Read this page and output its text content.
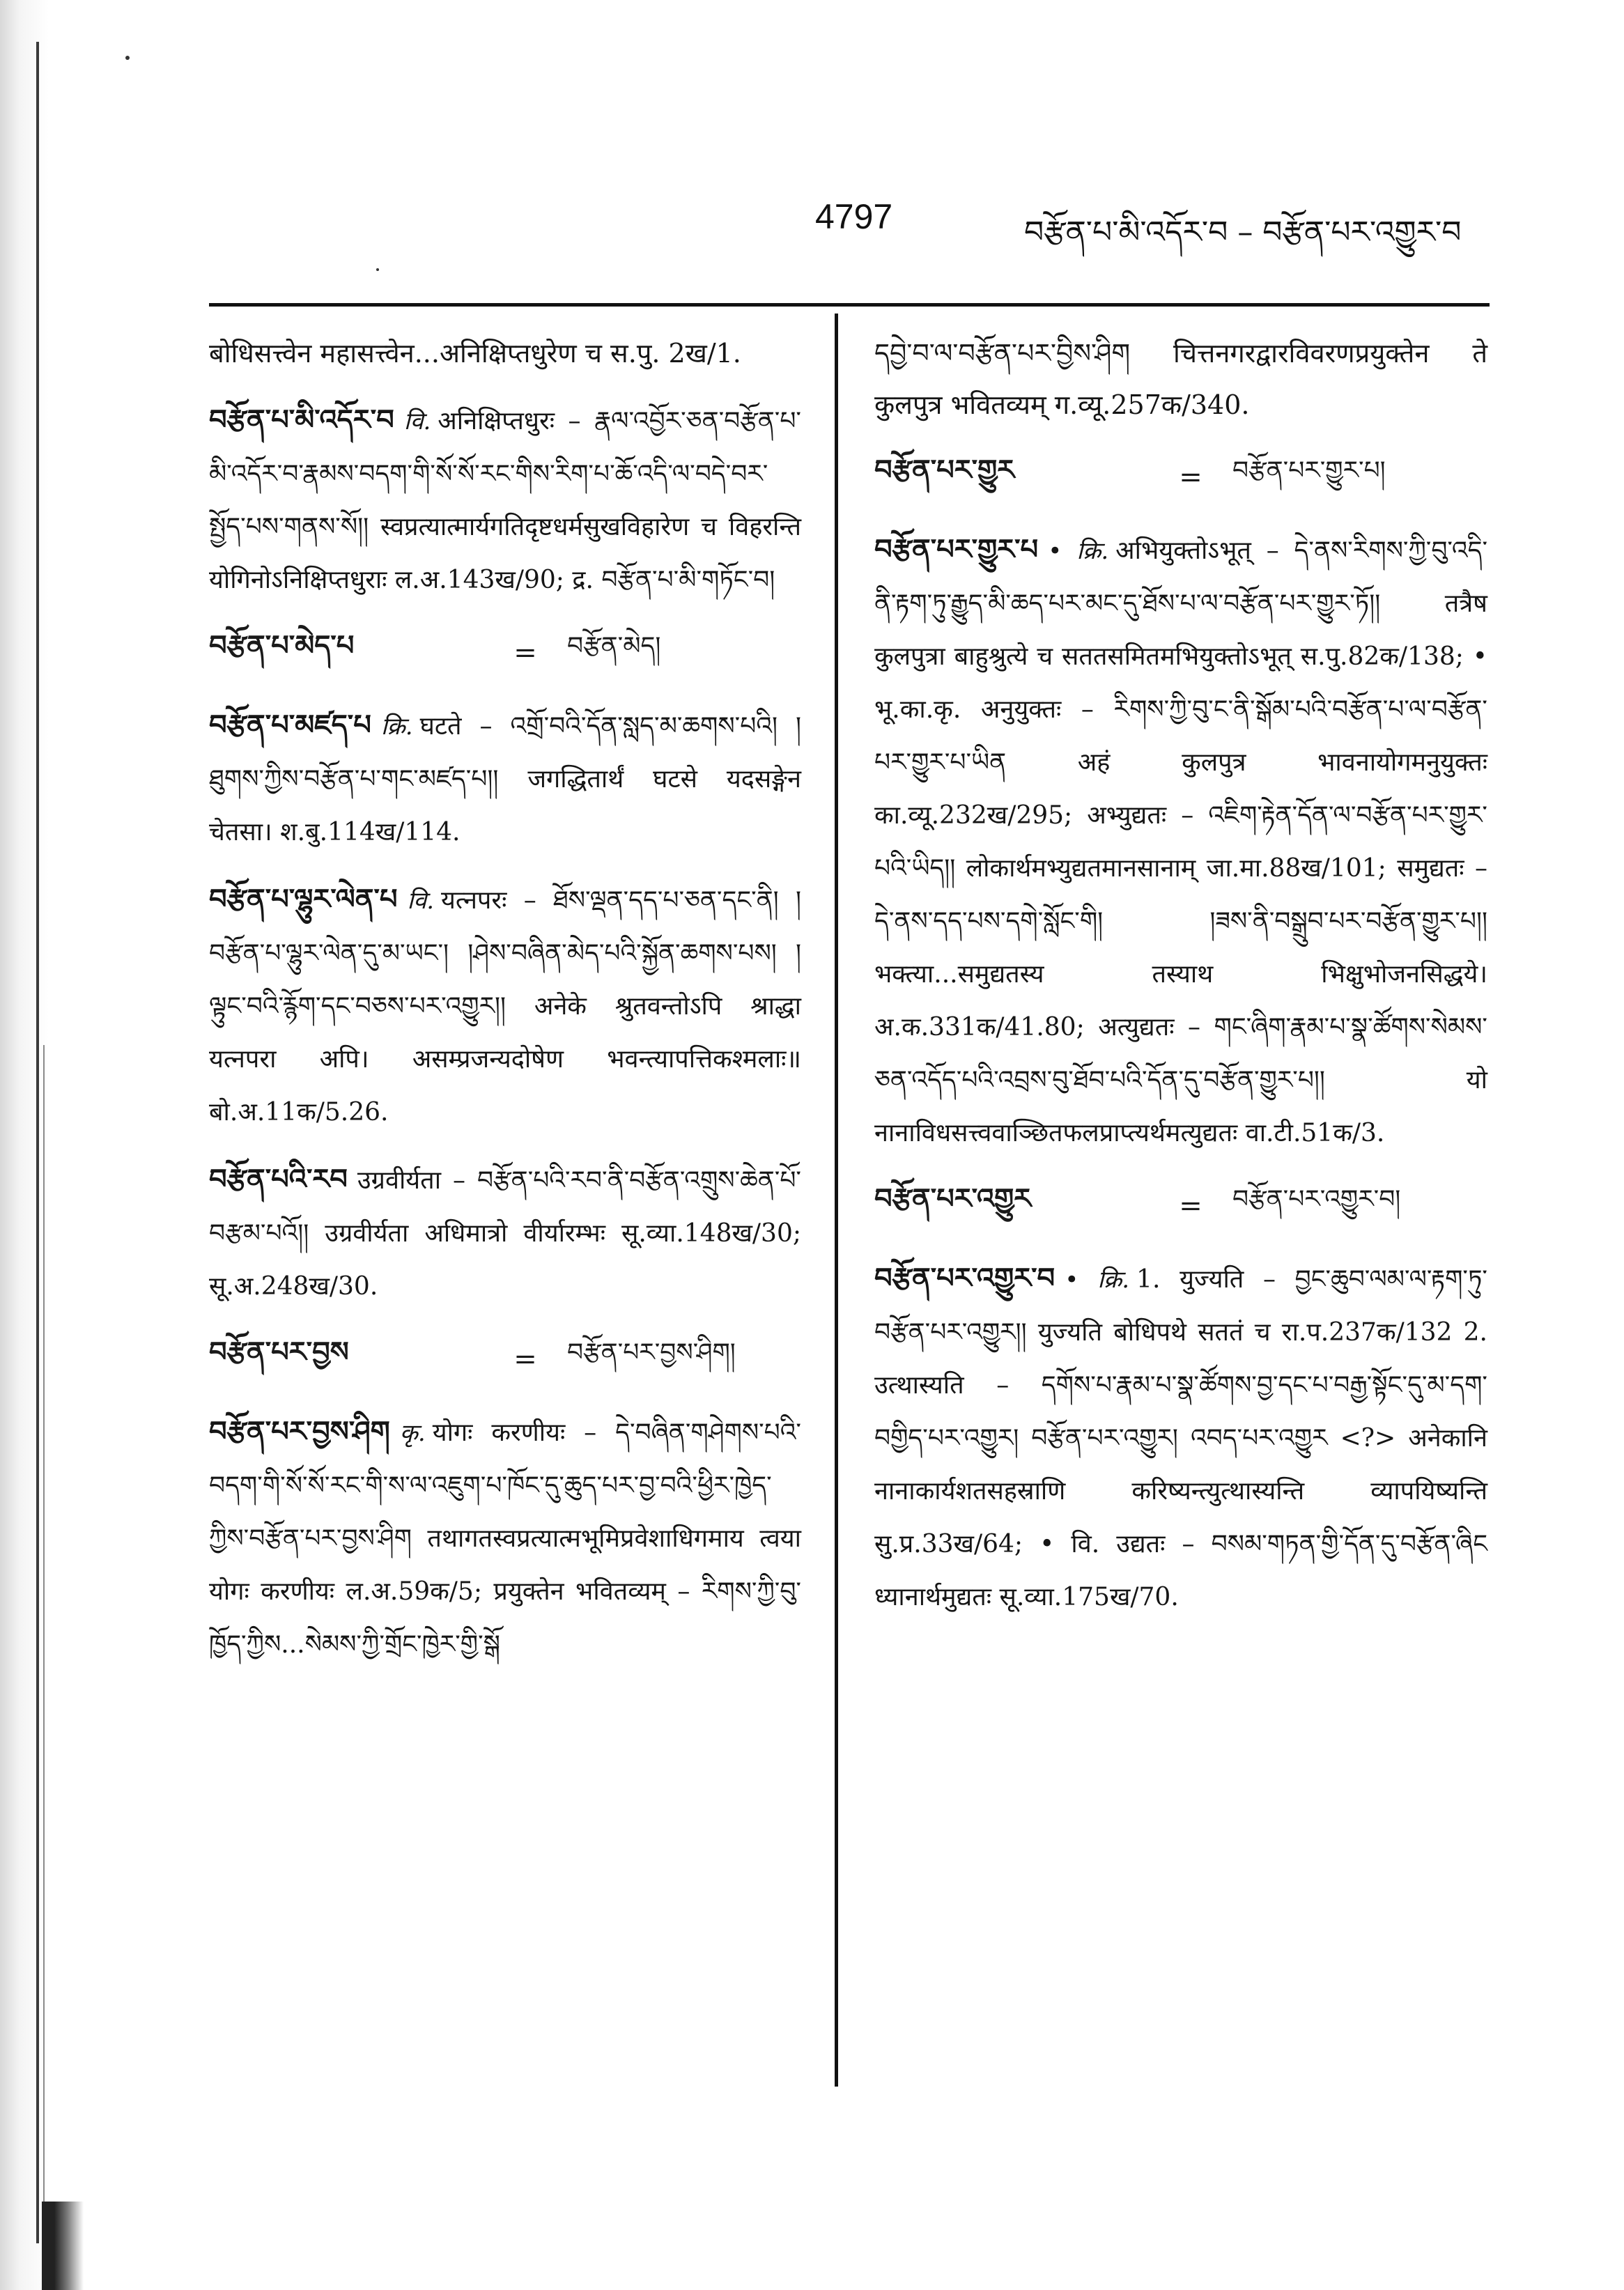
4797	བརྩོན་པ་མི་འདོར་བ – བརྩོན་པར་འགྱུར་བ
बोधिसत्त्वेन महासत्त्वेन...अनिक्षिप्तधुरेण च स.पु. 2ख/1.
བརྩོན་པ་མི་འདོར་བ वि. अनिक्षिप्तधुरः – རྣལ་འབྱོར་ཅན་བརྩོན་པ་མི་འདོར་བ་རྣམས་བདག་གི་སོ་སོ་རང་གིས་རིག་པ་ཆོ་འདི་ལ་བདེ་བར་སྤྱོད་པས་གནས་སོ།། स्वप्रत्यात्मार्यगतिदृष्टधर्मसुखविहारेण च विहरन्ति योगिनोऽनिक्षिप्तधुराः ल.अ.143ख/90; द्र. བརྩོན་པ་མི་གཏོང་བ།
བརྩོན་པ་མེད་པ	=	བརྩོན་མེད།
བརྩོན་པ་མཛད་པ क्रि. घटते – འགྲོ་བའི་དོན་སླད་མ་ཆགས་པའི། །ཐུགས་ཀྱིས་བརྩོན་པ་གང་མཛད་པ།། जगद्धितार्थं घटसे यदसङ्गेन चेतसा। श.बु.114ख/114.
བརྩོན་པ་ལྷུར་ལེན་པ वि. यत्नपरः – ཐོས་ལྡན་དད་པ་ཅན་དང་ནི། །བརྩོན་པ་ལྷུར་ལེན་དུ་མ་ཡང་། །ཤེས་བཞིན་མེད་པའི་སྐྱོན་ཆགས་པས། །ལྟུང་བའི་རྙོག་དང་བཅས་པར་འགྱུར།། अनेके श्रुतवन्तोऽपि श्राद्धा यत्नपरा अपि। असम्प्रजन्यदोषेण भवन्त्यापत्तिकश्मलाः॥ बो.अ.11क/5.26.
བརྩོན་པའི་རབ उग्रवीर्यता – བརྩོན་པའི་རབ་ནི་བརྩོན་འགྲུས་ཆེན་པོ་བརྩམ་པའོ།། उग्रवीर्यता अधिमात्रो वीर्यारम्भः सू.व्या.148ख/30; सू.अ.248ख/30.
བརྩོན་པར་བྱས	=	བརྩོན་པར་བྱས་ཤིག།
བརྩོན་པར་བྱས་ཤིག कृ. योगः करणीयः – དེ་བཞིན་གཤེགས་པའི་བདག་གི་སོ་སོ་རང་གི་ས་ལ་འཇུག་པ་ཁོང་དུ་ཆུད་པར་བྱ་བའི་ཕྱིར་ཁྱེད་ཀྱིས་བརྩོན་པར་བྱས་ཤིག तथागतस्वप्रत्यात्मभूमिप्रवेशाधिगमाय त्वया योगः करणीयः ल.अ.59क/5; प्रयुक्तेन भवितव्यम् – རིགས་ཀྱི་བུ་ཁྱོད་ཀྱིས...སེམས་ཀྱི་གྲོང་ཁྱེར་གྱི་སྒོ
དབྱེ་བ་ལ་བརྩོན་པར་བྱིས་ཤིག चित्तनगरद्वारविवरणप्रयुक्तेन ते कुलपुत्र भवितव्यम् ग.व्यू.257क/340.
བརྩོན་པར་གྱུར	=	བརྩོན་པར་གྱུར་པ།
བརྩོན་པར་གྱུར་པ • क्रि. अभियुक्तोऽभूत् – དེ་ནས་རིགས་ཀྱི་བུ་འདི་ནི་རྟག་ཏུ་རྒྱུད་མི་ཆད་པར་མང་དུ་ཐོས་པ་ལ་བརྩོན་པར་གྱུར་ཏོ།། तत्रैष कुलपुत्रा बाहुश्रुत्ये च सततसमितमभियुक्तोऽभूत् स.पु.82क/138; • भू.का.कृ. अनुयुक्तः – རིགས་ཀྱི་བུ་ང་ནི་སྒོམ་པའི་བརྩོན་པ་ལ་བརྩོན་པར་གྱུར་པ་ཡིན अहं कुलपुत्र भावनायोगमनुयुक्तः का.व्यू.232ख/295; अभ्युद्यतः – འཇིག་རྟེན་དོན་ལ་བརྩོན་པར་གྱུར་པའི་ཡིད།། लोकार्थमभ्युद्यतमानसानाम् जा.मा.88ख/101; समुद्यतः – དེ་ནས་དད་པས་དགེ་སློང་གི། །ཟས་ནི་བསྒྲུབ་པར་བརྩོན་གྱུར་པ།། भक्त्या...समुद्यतस्य तस्याथ भिक्षुभोजनसिद्धये। अ.क.331क/41.80; अत्युद्यतः – གང་ཞིག་རྣམ་པ་སྣ་ཚོགས་སེམས་ཅན་འདོད་པའི་འབྲས་བུ་ཐོབ་པའི་དོན་དུ་བརྩོན་གྱུར་པ།། यो नानाविधसत्त्ववाञ्छितफलप्राप्त्यर्थमत्युद्यतः वा.टी.51क/3.
བརྩོན་པར་འགྱུར	=	བརྩོན་པར་འགྱུར་བ།
བརྩོན་པར་འགྱུར་བ • क्रि. 1. युज्यति – བྱང་ཆུབ་ལམ་ལ་རྟག་ཏུ་བརྩོན་པར་འགྱུར།། युज्यति बोधिपथे सततं च रा.प.237क/132 2. उत्थास्यति – དགོས་པ་རྣམ་པ་སྣ་ཚོགས་བྱ་དང་པ་བརྒྱ་སྟོང་དུ་མ་དག་བགྱིད་པར་འགྱུར། བརྩོན་པར་འགྱུར། འབད་པར་འགྱུར <?> अनेकानि नानाकार्यशतसहस्राणि करिष्यन्त्युत्थास्यन्ति व्यापयिष्यन्ति सु.प्र.33ख/64; • वि. उद्यतः – བསམ་གཏན་གྱི་དོན་དུ་བརྩོན་ཞིང ध्यानार्थमुद्यतः सू.व्या.175ख/70.
